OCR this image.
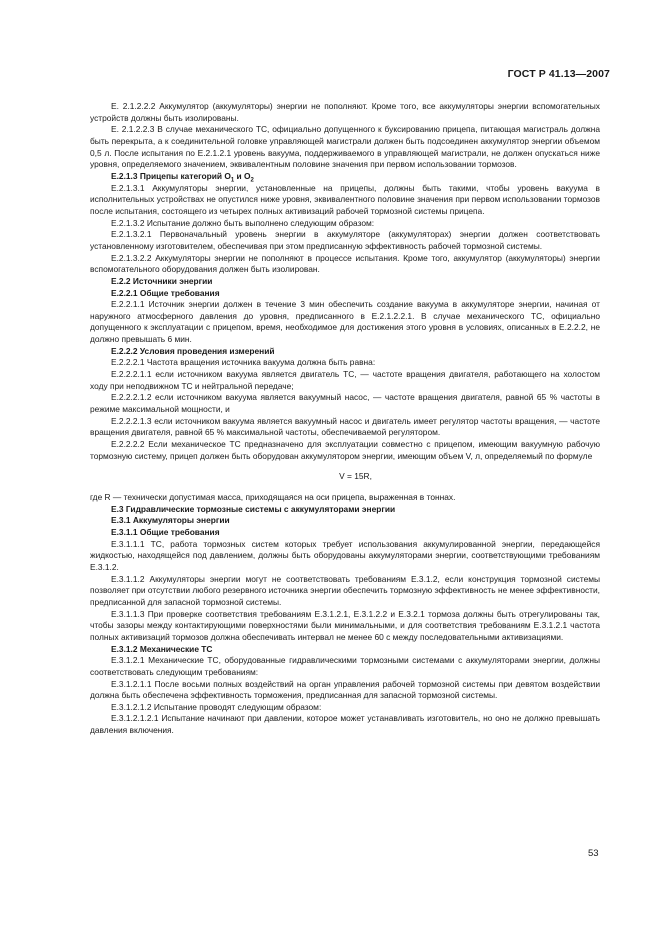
ГОСТ Р 41.13—2007

Е. 2.1.2.2.2 Аккумулятор (аккумуляторы) энергии не пополняют. Кроме того, все аккумуляторы энергии вспомогательных устройств должны быть изолированы.

Е. 2.1.2.2.3 В случае механического ТС, официально допущенного к буксированию прицепа, питающая магистраль должна быть перекрыта, а к соединительной головке управляющей магистрали должен быть подсоединен аккумулятор энергии объемом 0,5 л. После испытания по Е.2.1.2.1 уровень вакуума, поддерживаемого в управляющей магистрали, не должен опускаться ниже уровня, определяемого значением, эквивалентным половине значения при первом использовании тормозов.

Е.2.1.3 Прицепы категорий $O_1$ и $O_2$

Е.2.1.3.1 Аккумуляторы энергии, установленные на прицепы, должны быть такими, чтобы уровень вакуума в исполнительных устройствах не опустился ниже уровня, эквивалентного половине значения при первом использовании тормозов после испытания, состоящего из четырех полных активизаций рабочей тормозной системы прицепа.

Е.2.1.3.2 Испытание должно быть выполнено следующим образом:

Е.2.1.3.2.1 Первоначальный уровень энергии в аккумуляторе (аккумуляторах) энергии должен соответствовать установленному изготовителем, обеспечивая при этом предписанную эффективность рабочей тормозной системы.

Е.2.1.3.2.2 Аккумуляторы энергии не пополняют в процессе испытания. Кроме того, аккумулятор (аккумуляторы) энергии вспомогательного оборудования должен быть изолирован.

Е.2.2 Источники энергии

Е.2.2.1 Общие требования

Е.2.2.1.1 Источник энергии должен в течение 3 мин обеспечить создание вакуума в аккумуляторе энергии, начиная от наружного атмосферного давления до уровня, предписанного в Е.2.1.2.2.1. В случае механического ТС, официально допущенного к эксплуатации с прицепом, время, необходимое для достижения этого уровня в условиях, описанных в Е.2.2.2, не должно превышать 6 мин.

Е.2.2.2 Условия проведения измерений

Е.2.2.2.1 Частота вращения источника вакуума должна быть равна:

Е.2.2.2.1.1 если источником вакуума является двигатель ТС, — частоте вращения двигателя, работающего на холостом ходу при неподвижном ТС и нейтральной передаче;

Е.2.2.2.1.2 если источником вакуума является вакуумный насос, — частоте вращения двигателя, равной 65 % частоты в режиме максимальной мощности, и

Е.2.2.2.1.3 если источником вакуума является вакуумный насос и двигатель имеет регулятор частоты вращения, — частоте вращения двигателя, равной 65 % максимальной частоты, обеспечиваемой регулятором.

Е.2.2.2.2 Если механическое ТС предназначено для эксплуатации совместно с прицепом, имеющим вакуумную рабочую тормозную систему, прицеп должен быть оборудован аккумулятором энергии, имеющим объем V, л, определяемый по формуле

V = 15R,

где R — технически допустимая масса, приходящаяся на оси прицепа, выраженная в тоннах.

Е.3 Гидравлические тормозные системы с аккумуляторами энергии

Е.3.1 Аккумуляторы энергии

Е.3.1.1 Общие требования

Е.3.1.1.1 ТС, работа тормозных систем которых требует использования аккумулированной энергии, передающейся жидкостью, находящейся под давлением, должны быть оборудованы аккумуляторами энергии, соответствующими требованиям Е.3.1.2.

Е.3.1.1.2 Аккумуляторы энергии могут не соответствовать требованиям Е.3.1.2, если конструкция тормозной системы позволяет при отсутствии любого резервного источника энергии обеспечить тормозную эффективность не менее эффективности, предписанной для запасной тормозной системы.

Е.3.1.1.3 При проверке соответствия требованиям Е.3.1.2.1, Е.3.1.2.2 и Е.3.2.1 тормоза должны быть отрегулированы так, чтобы зазоры между контактирующими поверхностями были минимальными, и для соответствия требованиям Е.3.1.2.1 частота полных активизаций тормозов должна обеспечивать интервал не менее 60 с между последовательными активизациями.

Е.3.1.2 Механические ТС

Е.3.1.2.1 Механические ТС, оборудованные гидравлическими тормозными системами с аккумуляторами энергии, должны соответствовать следующим требованиям:

Е.3.1.2.1.1 После восьми полных воздействий на орган управления рабочей тормозной системы при девятом воздействии должна быть обеспечена эффективность торможения, предписанная для запасной тормозной системы.

Е.3.1.2.1.2 Испытание проводят следующим образом:

Е.3.1.2.1.2.1 Испытание начинают при давлении, которое может устанавливать изготовитель, но оно не должно превышать давления включения.

53
